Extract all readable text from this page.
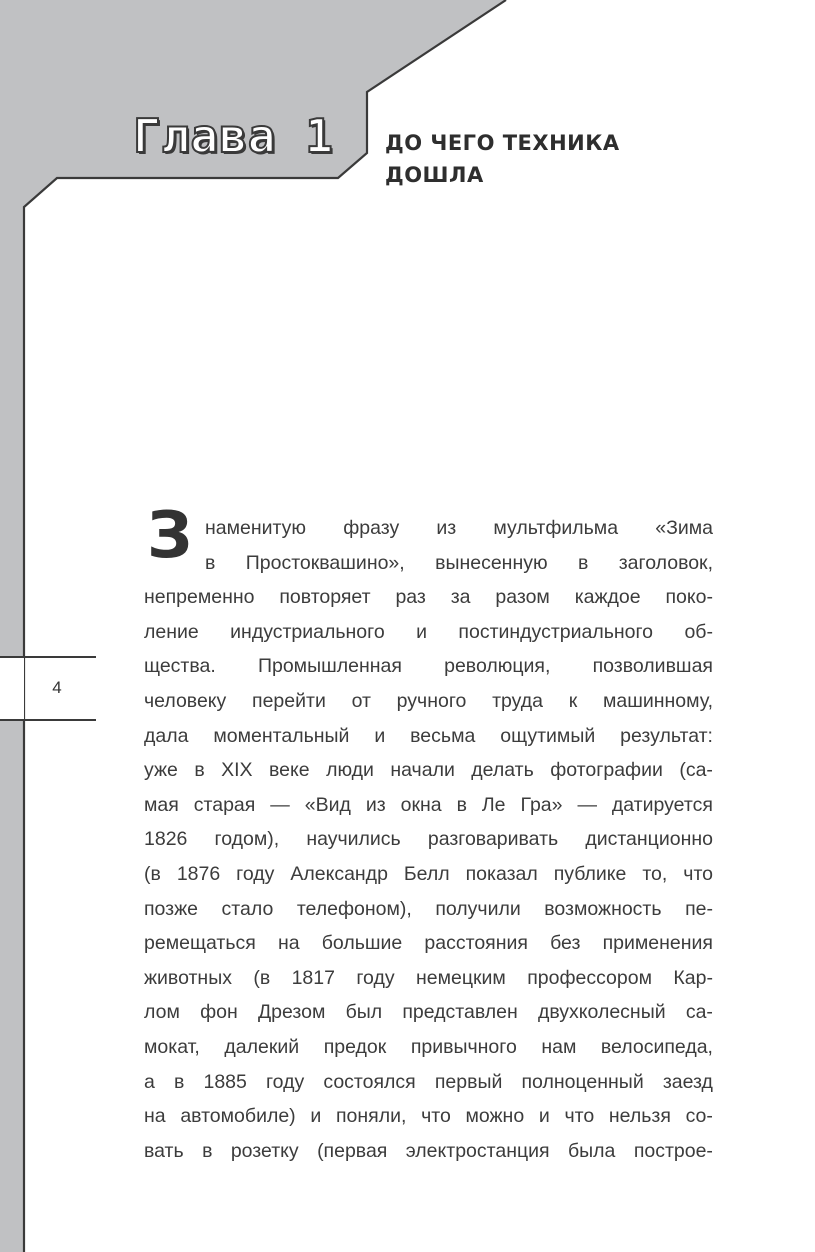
Глава 1 ДО ЧЕГО ТЕХНИКА
ДОШЛА
4
З наменитую фразу из мультфильма «Зима
в Простоквашино», вынесенную в заголовок,
непременно повторяет раз за разом каждое поко-
ление индустриального и постиндустриального об-
щества. Промышленная революция, позволившая
человеку перейти от ручного труда к машинному,
дала моментальный и весьма ощутимый результат:
уже в XIX веке люди начали делать фотографии (са-
мая старая — «Вид из окна в Ле Гра» — датируется
1826 годом), научились разговаривать дистанционно
(в 1876 году Александр Белл показал публике то, что
позже стало телефоном), получили возможность пе-
ремещаться на большие расстояния без применения
животных (в 1817 году немецким профессором Кар-
лом фон Дрезом был представлен двухколесный са-
мокат, далекий предок привычного нам велосипеда,
а в 1885 году состоялся первый полноценный заезд
на автомобиле) и поняли, что можно и что нельзя со-
вать в розетку (первая электростанция была построе-
